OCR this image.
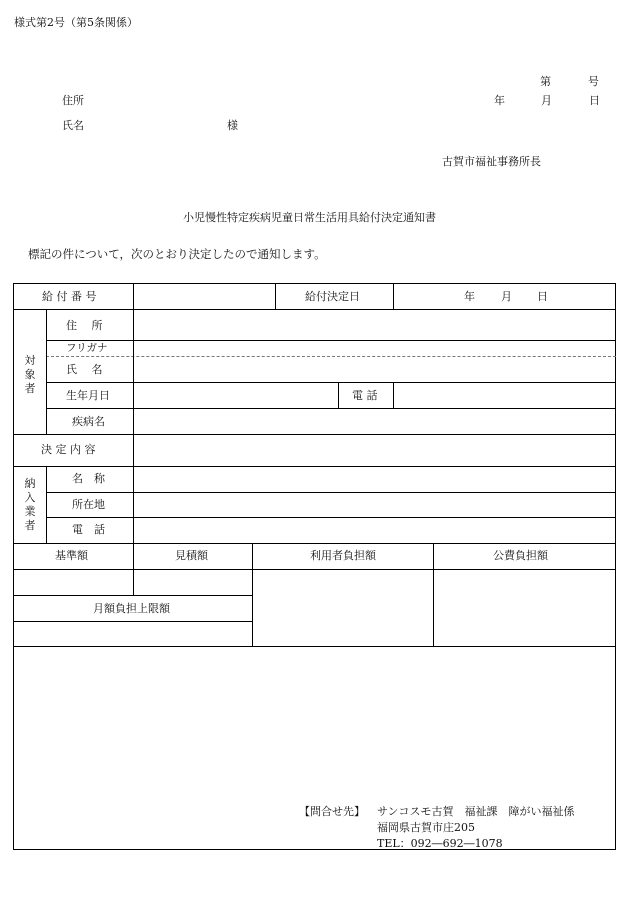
様式第2号（第5条関係）
第	号
住所	年	月	日
氏名	様
古賀市福祉事務所長
小児慢性特定疾病児童日常生活用具給付決定通知書
標記の件について，次のとおり決定したので通知します。
給 付 番 号	給付決定日	年 月 日
対象者
住　 所
フリガナ
氏　 名
生年月日	電 話
疾病名
決 定 内 容
納入業者
名　称
所在地
電　話
基準額	見積額	利用者負担額	公費負担額
月額負担上限額
【問合せ先】 サンコスモ古賀　福祉課　障がい福祉係
福岡県古賀市庄205
TEL：092―692―1078
